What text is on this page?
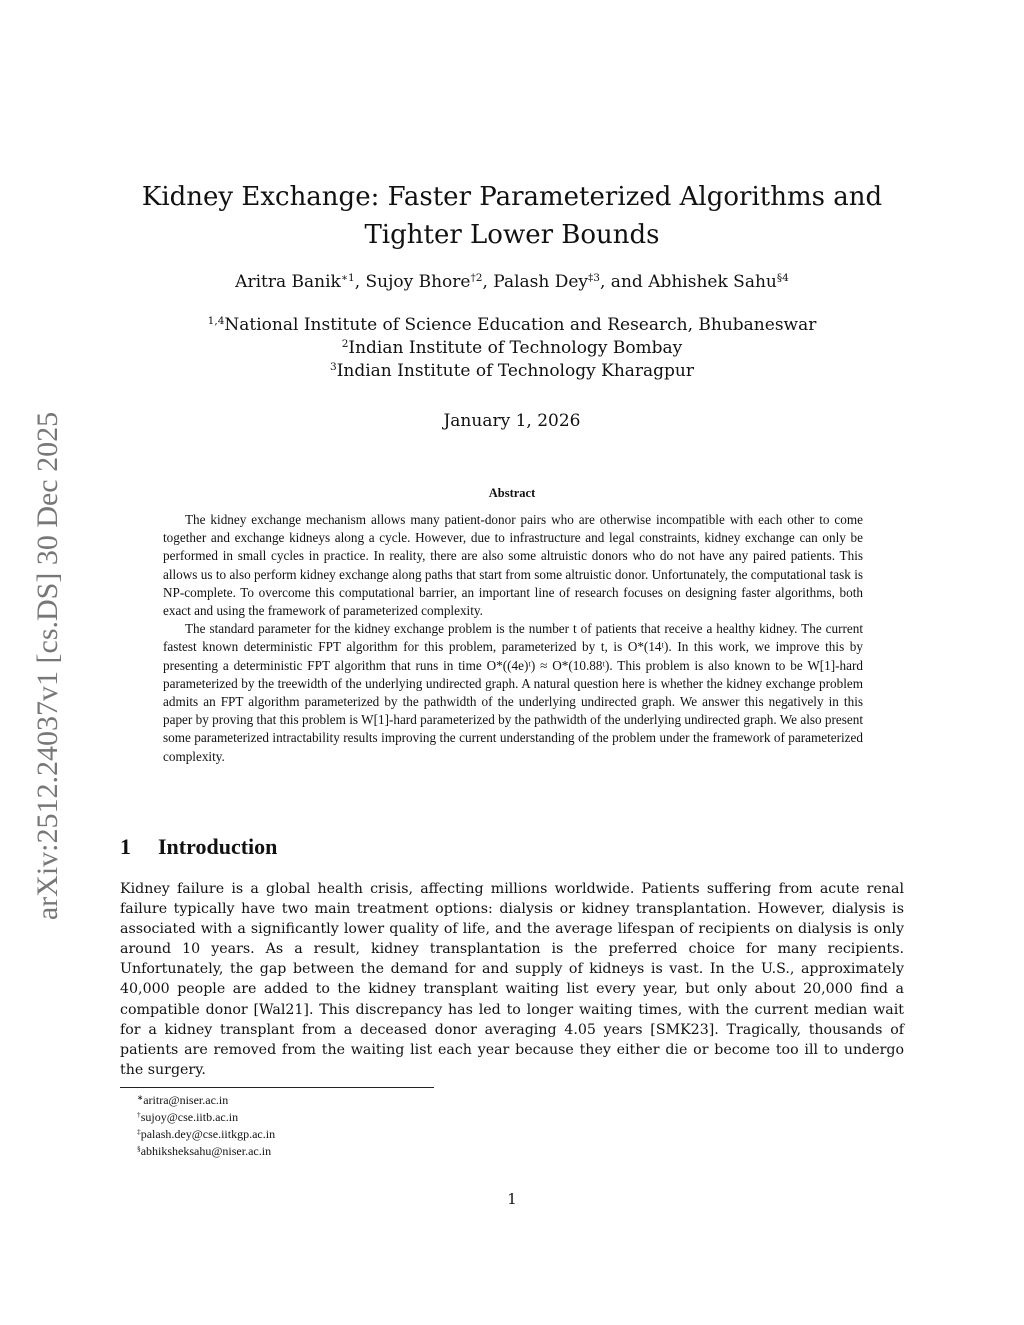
arXiv:2512.24037v1 [cs.DS] 30 Dec 2025
Kidney Exchange: Faster Parameterized Algorithms and
Tighter Lower Bounds
Aritra Banik$^{∗1}$, Sujoy Bhore$^{\dagger 2}$, Palash Dey$^{\ddagger 3}$, and Abhishek Sahu$^{\S 4}$
$^{1,4}$National Institute of Science Education and Research, Bhubaneswar
$^2$Indian Institute of Technology Bombay
$^3$Indian Institute of Technology Kharagpur
January 1, 2026
Abstract

The kidney exchange mechanism allows many patient-donor pairs who are otherwise incompatible with each other to come together and exchange kidneys along a cycle. However, due to infrastructure and legal constraints, kidney exchange can only be performed in small cycles in practice. In reality, there are also some altruistic donors who do not have any paired patients. This allows us to also perform kidney exchange along paths that start from some altruistic donor. Unfortunately, the computational task is NP-complete. To overcome this computational barrier, an important line of research focuses on designing faster algorithms, both exact and using the framework of parameterized complexity.

The standard parameter for the kidney exchange problem is the number t of patients that receive a healthy kidney. The current fastest known deterministic FPT algorithm for this problem, parameterized by t, is O*(14ᵗ). In this work, we improve this by presenting a deterministic FPT algorithm that runs in time O*((4e)ᵗ) ≈ O*(10.88ᵗ). This problem is also known to be W[1]-hard parameterized by the treewidth of the underlying undirected graph. A natural question here is whether the kidney exchange problem admits an FPT algorithm parameterized by the pathwidth of the underlying undirected graph. We answer this negatively in this paper by proving that this problem is W[1]-hard parameterized by the pathwidth of the underlying undirected graph. We also present some parameterized intractability results improving the current understanding of the problem under the framework of parameterized complexity.

1 Introduction

Kidney failure is a global health crisis, affecting millions worldwide. Patients suffering from acute renal failure typically have two main treatment options: dialysis or kidney transplantation. However, dialysis is associated with a significantly lower quality of life, and the average lifespan of recipients on dialysis is only around 10 years. As a result, kidney transplantation is the preferred choice for many recipients. Unfortunately, the gap between the demand for and supply of kidneys is vast. In the U.S., approximately 40,000 people are added to the kidney transplant waiting list every year, but only about 20,000 find a compatible donor [Wal21]. This discrepancy has led to longer waiting times, with the current median wait for a kidney transplant from a deceased donor averaging 4.05 years [SMK23]. Tragically, thousands of patients are removed from the waiting list each year because they either die or become too ill to undergo the surgery.

∗aritra@niser.ac.in
†sujoy@cse.iitb.ac.in
‡palash.dey@cse.iitkgp.ac.in
§abhiksheksahu@niser.ac.in
1
